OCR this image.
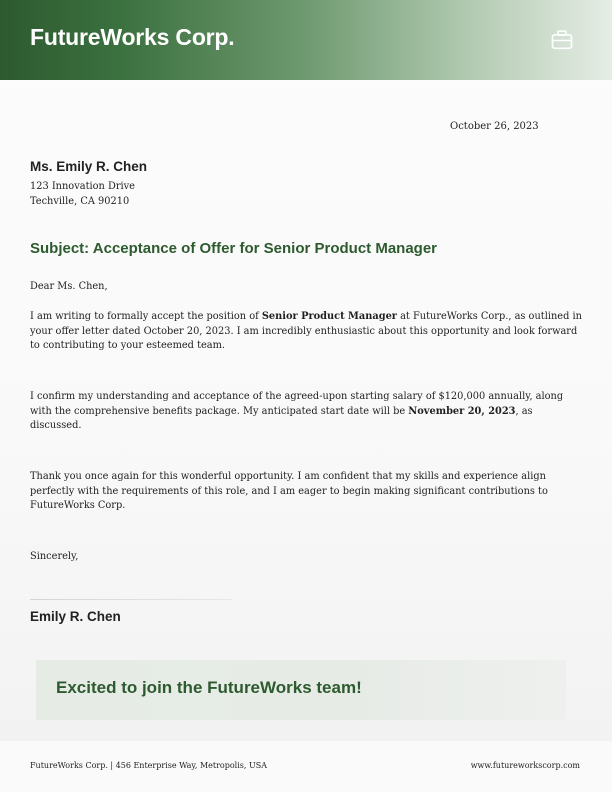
FutureWorks Corp.
October 26, 2023
Ms. Emily R. Chen
123 Innovation Drive
Techville, CA 90210
Subject: Acceptance of Offer for Senior Product Manager
Dear Ms. Chen,

I am writing to formally accept the position of Senior Product Manager at FutureWorks Corp., as outlined in your offer letter dated October 20, 2023. I am incredibly enthusiastic about this opportunity and look forward to contributing to your esteemed team.

I confirm my understanding and acceptance of the agreed-upon starting salary of $120,000 annually, along with the comprehensive benefits package. My anticipated start date will be November 20, 2023, as discussed.

Thank you once again for this wonderful opportunity. I am confident that my skills and experience align perfectly with the requirements of this role, and I am eager to begin making significant contributions to FutureWorks Corp.

Sincerely,
Emily R. Chen
Excited to join the FutureWorks team!
FutureWorks Corp. | 456 Enterprise Way, Metropolis, USA	www.futureworkscorp.com
